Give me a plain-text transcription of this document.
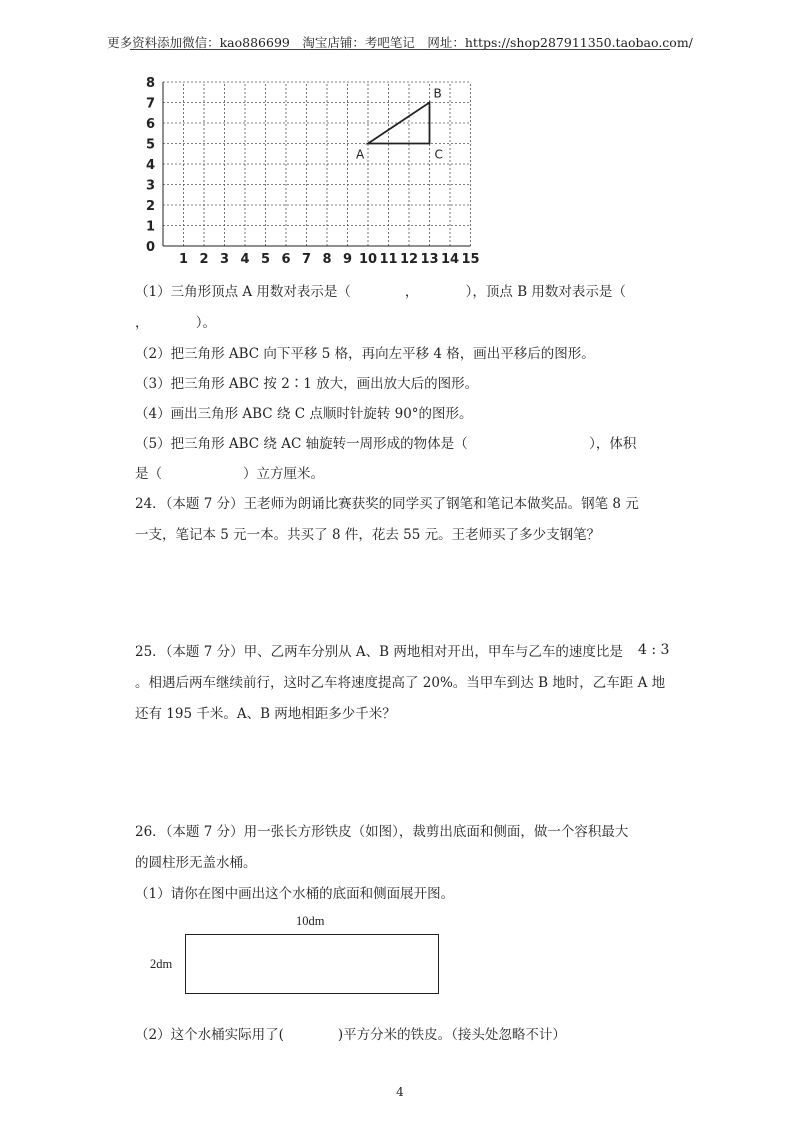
更多资料添加微信：kao886699　淘宝店铺：考吧笔记　网址：https://shop287911350.taobao.com/
0
1
2
3
4
5
6
7
8
1 2 3 4 5 6 7 8 9 10 11 12 13 14 15
A
B
C
（1）三角形顶点 A 用数对表示是（　　　　，　　　　），顶点 B 用数对表示是（
，　　　　）。
（2）把三角形 ABC 向下平移 5 格，再向左平移 4 格，画出平移后的图形。
（3）把三角形 ABC 按 2∶1 放大，画出放大后的图形。
（4）画出三角形 ABC 绕 C 点顺时针旋转 90°的图形。
（5）把三角形 ABC 绕 AC 轴旋转一周形成的物体是（　　　　　　　　　），体积
是（　　　　　　）立方厘米。
24．（本题 7 分）王老师为朗诵比赛获奖的同学买了钢笔和笔记本做奖品。钢笔 8 元
一支，笔记本 5 元一本。共买了 8 件，花去 55 元。王老师买了多少支钢笔？
25．（本题 7 分）甲、乙两车分别从 A、B 两地相对开出，甲车与乙车的速度比是 4 : 3
。相遇后两车继续前行，这时乙车将速度提高了 20%。当甲车到达 B 地时，乙车距 A 地
还有 195 千米。A、B 两地相距多少千米？
26．（本题 7 分）用一张长方形铁皮（如图），裁剪出底面和侧面，做一个容积最大
的圆柱形无盖水桶。
（1）请你在图中画出这个水桶的底面和侧面展开图。
10dm
2dm
（2）这个水桶实际用了(　　　　)平方分米的铁皮。（接头处忽略不计）
4
